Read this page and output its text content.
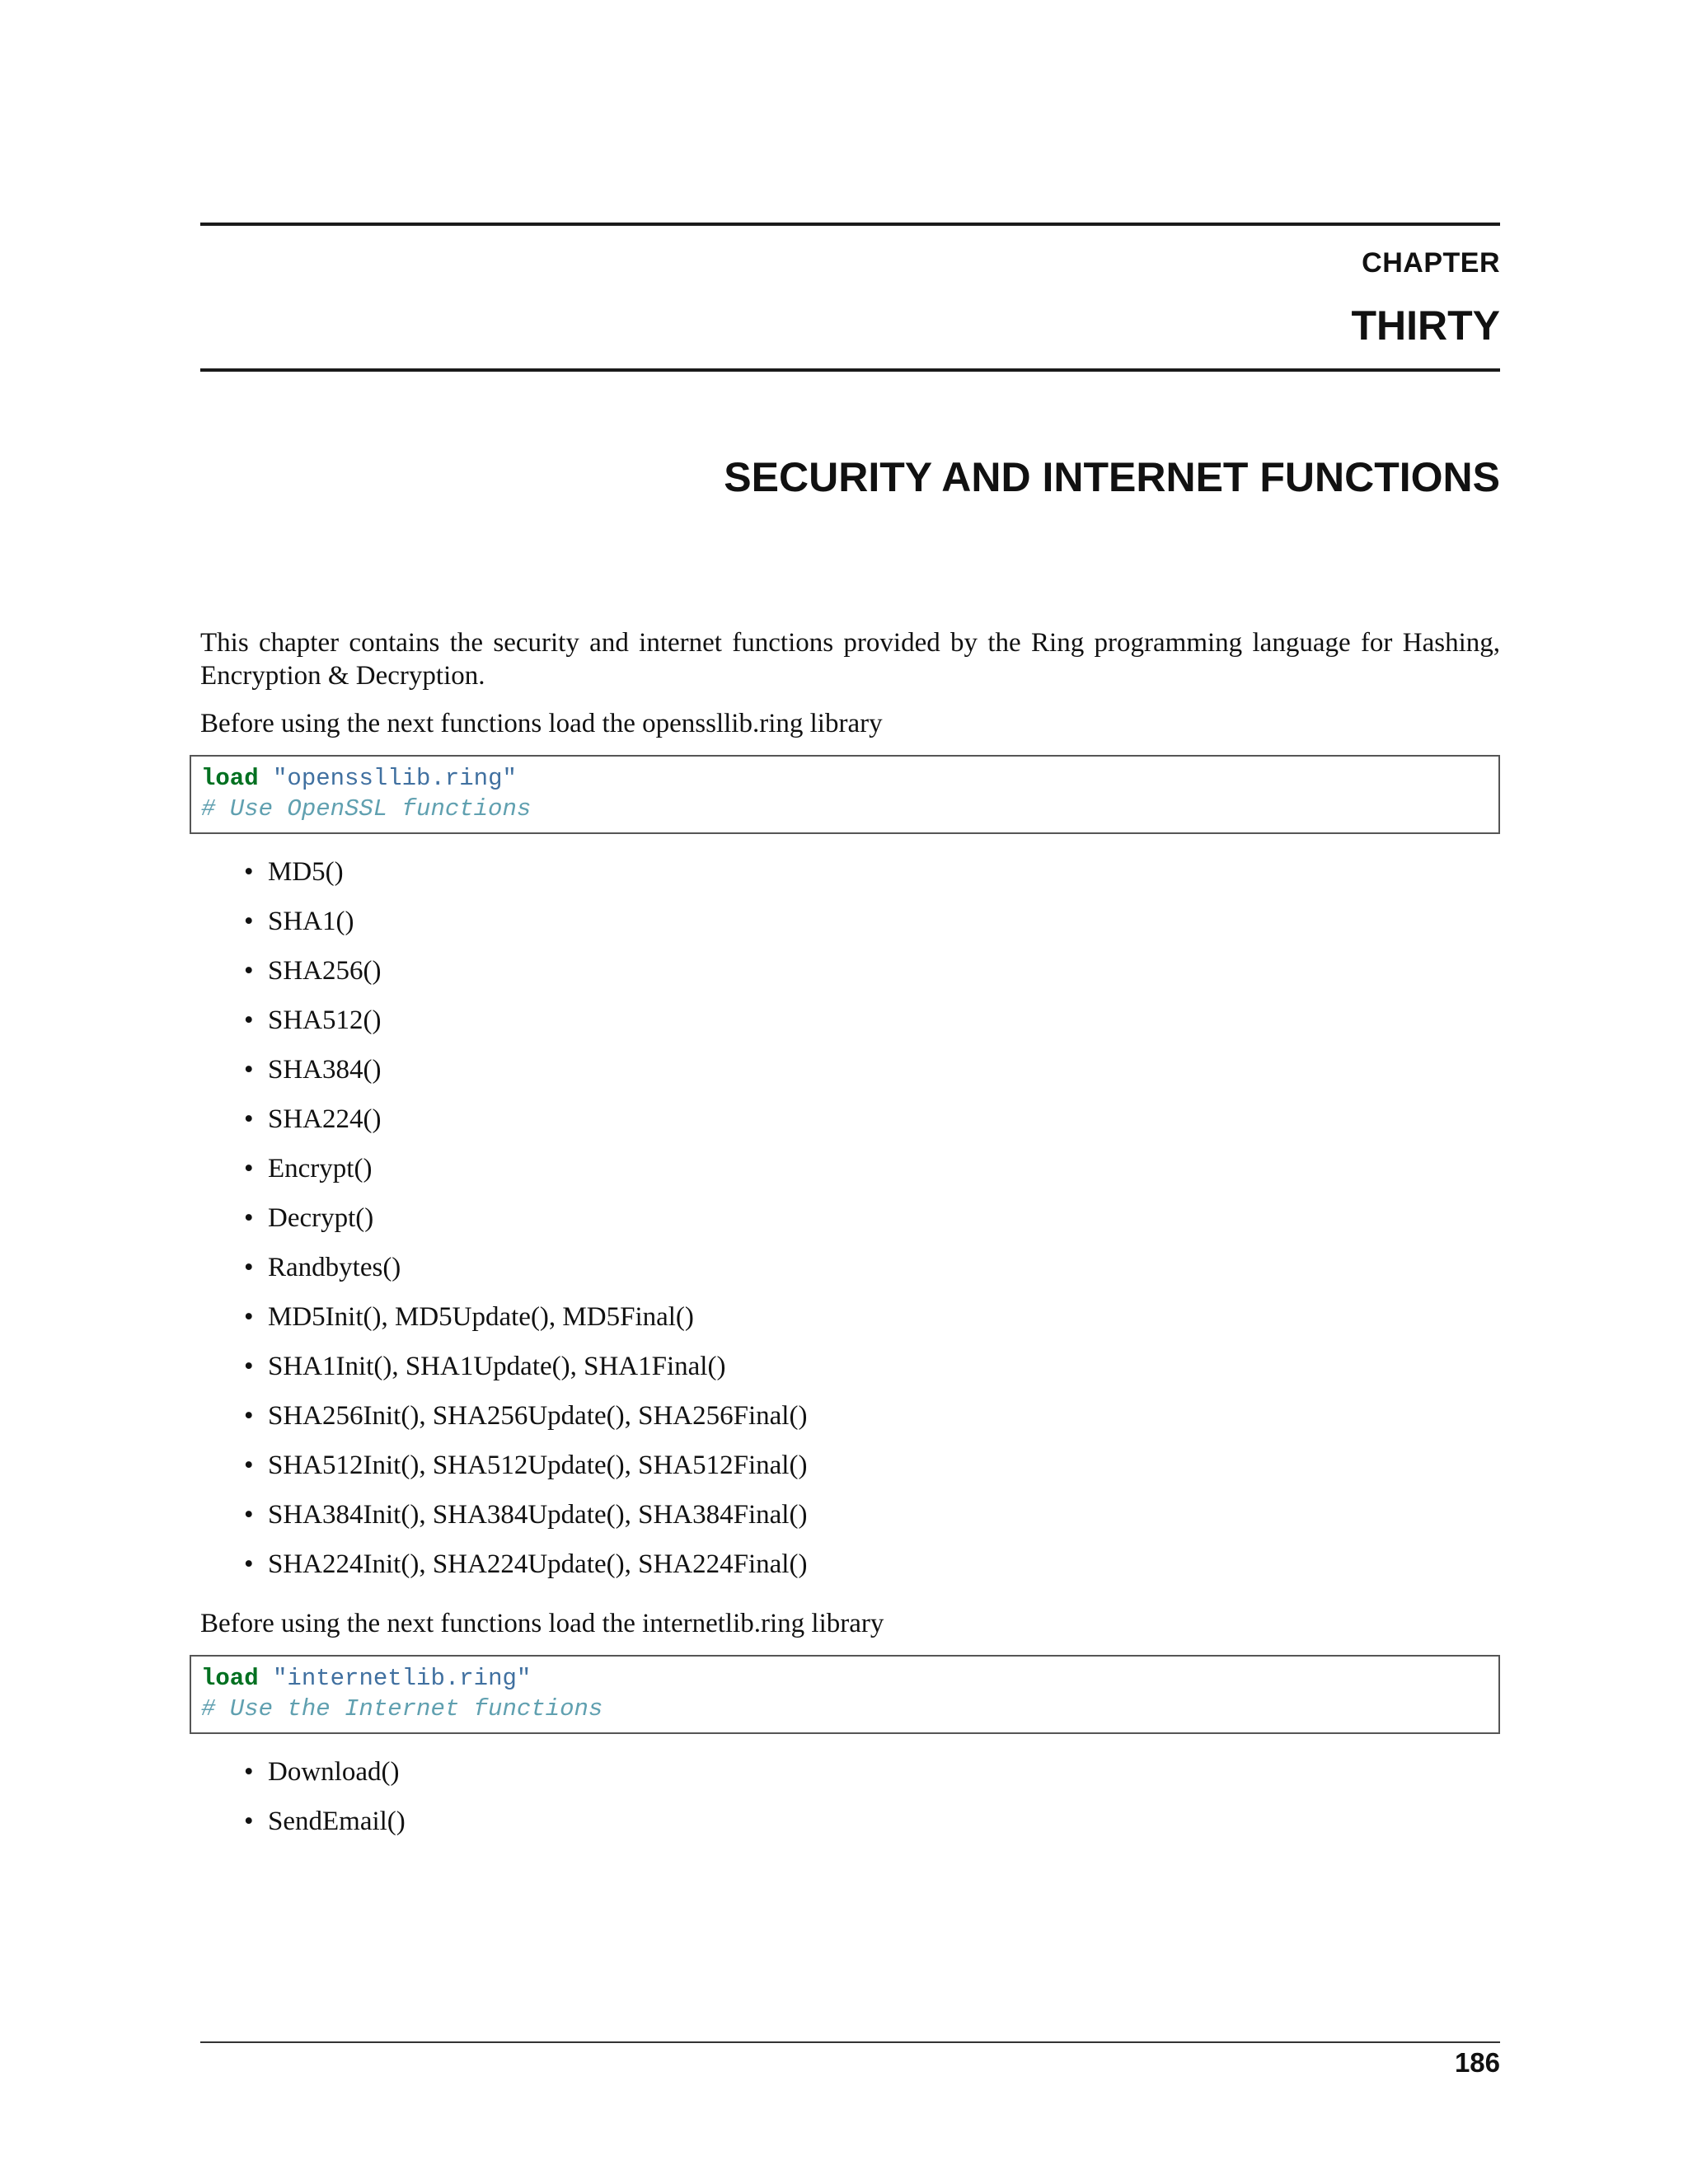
CHAPTER
THIRTY
SECURITY AND INTERNET FUNCTIONS

This chapter contains the security and internet functions provided by the Ring programming language for Hashing, Encryption & Decryption.

Before using the next functions load the openssllib.ring library

load "openssllib.ring"
# Use OpenSSL functions
• MD5()
• SHA1()
• SHA256()
• SHA512()
• SHA384()
• SHA224()
• Encrypt()
• Decrypt()
• Randbytes()
• MD5Init(), MD5Update(), MD5Final()
• SHA1Init(), SHA1Update(), SHA1Final()
• SHA256Init(), SHA256Update(), SHA256Final()
• SHA512Init(), SHA512Update(), SHA512Final()
• SHA384Init(), SHA384Update(), SHA384Final()
• SHA224Init(), SHA224Update(), SHA224Final()

Before using the next functions load the internetlib.ring library

load "internetlib.ring"
# Use the Internet functions
• Download()
• SendEmail()
186
